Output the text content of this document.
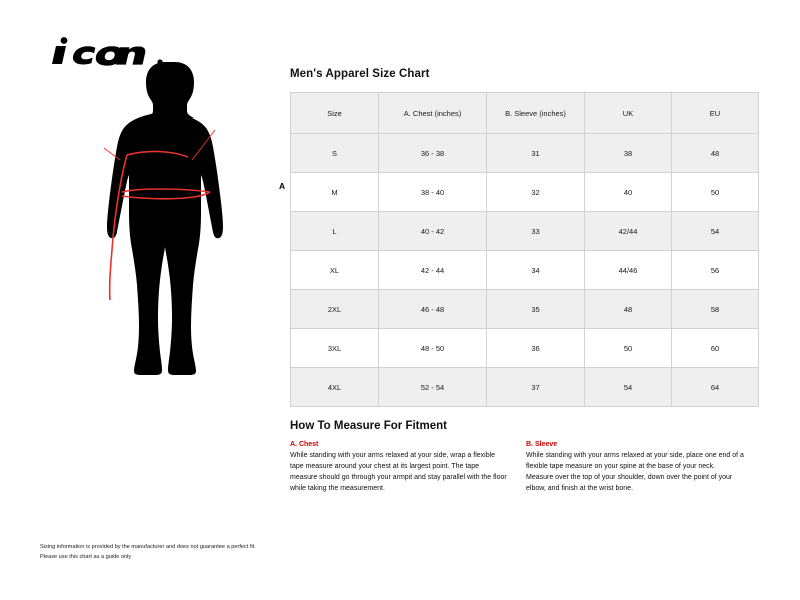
A
B
Men's Apparel Size Chart
Size	A. Chest (inches)	B. Sleeve (inches)	UK	EU
S	36 - 38	31	38	48
M	38 - 40	32	40	50
L	40 - 42	33	42/44	54
XL	42 - 44	34	44/46	56
2XL	46 - 48	35	48	58
3XL	48 - 50	36	50	60
4XL	52 - 54	37	54	64
How To Measure For Fitment

A. Chest

While standing with your arms relaxed at your side, wrap a flexible tape measure around your chest at its largest point. The tape measure should go through your armpit and stay parallel with the floor while taking the measurement.

B. Sleeve

While standing with your arms relaxed at your side, place one end of a flexible tape measure on your spine at the base of your neck. Measure over the top of your shoulder, down over the point of your elbow, and finish at the wrist bone.

Sizing information is provided by the manufacturer and does not guarantee a perfect fit.

Please use this chart as a guide only
